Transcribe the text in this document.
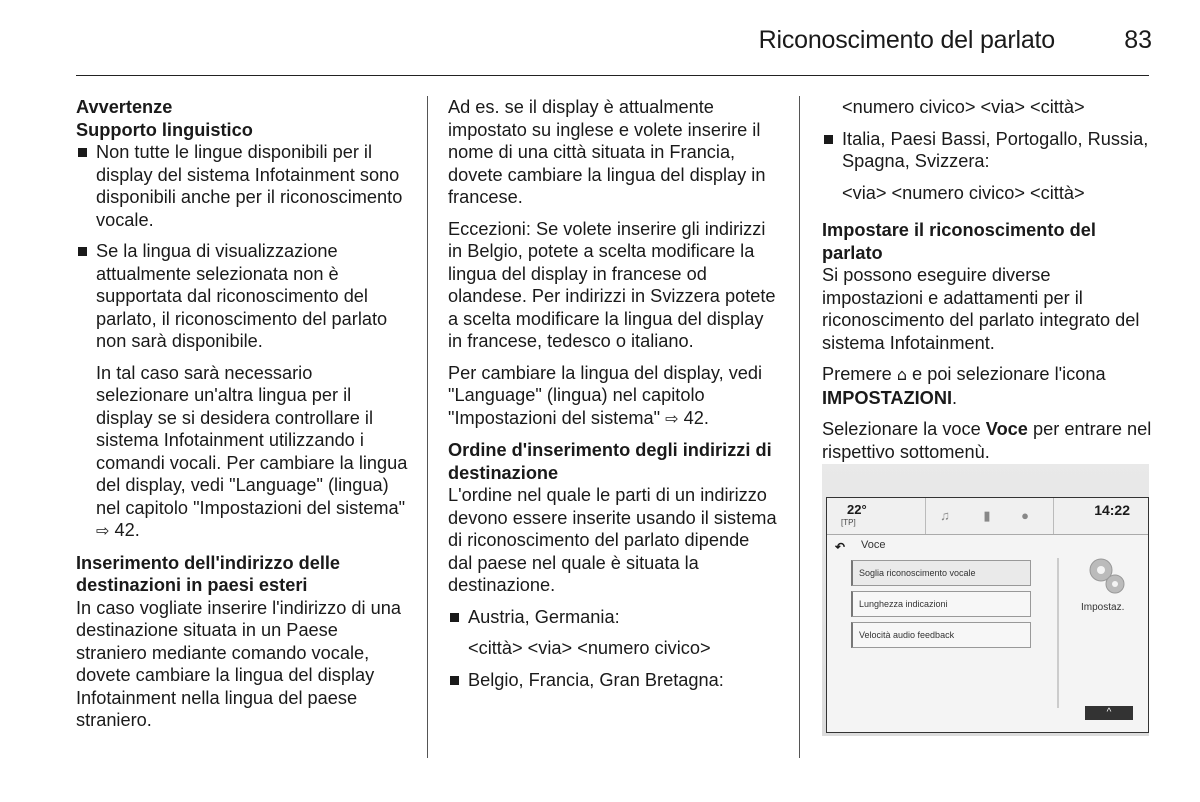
Riconoscimento del parlato	83
Avvertenze
Supporto linguistico
Non tutte le lingue disponibili per il display del sistema Infotainment sono disponibili anche per il riconoscimento vocale.
Se la lingua di visualizzazione attualmente selezionata non è supportata dal riconoscimento del parlato, il riconoscimento del parlato non sarà disponibile.
In tal caso sarà necessario selezionare un'altra lingua per il display se si desidera controllare il sistema Infotainment utilizzando i comandi vocali. Per cambiare la lingua del display, vedi "Language" (lingua) nel capitolo "Impostazioni del sistema" ⇨ 42.
Inserimento dell'indirizzo delle destinazioni in paesi esteri

In caso vogliate inserire l'indirizzo di una destinazione situata in un Paese straniero mediante comando vocale, dovete cambiare la lingua del display Infotainment nella lingua del paese straniero.

Ad es. se il display è attualmente impostato su inglese e volete inserire il nome di una città situata in Francia, dovete cambiare la lingua del display in francese.

Eccezioni: Se volete inserire gli indirizzi in Belgio, potete a scelta modificare la lingua del display in francese od olandese. Per indirizzi in Svizzera potete a scelta modificare la lingua del display in francese, tedesco o italiano.

Per cambiare la lingua del display, vedi "Language" (lingua) nel capitolo "Impostazioni del sistema" ⇨ 42.

Ordine d'inserimento degli indirizzi di destinazione

L'ordine nel quale le parti di un indirizzo devono essere inserite usando il sistema di riconoscimento del parlato dipende dal paese nel quale è situata la destinazione.

Austria, Germania:
<città> <via> <numero civico>
Belgio, Francia, Gran Bretagna:
<numero civico> <via> <città>
Italia, Paesi Bassi, Portogallo, Russia, Spagna, Svizzera:
<via> <numero civico> <città>
Impostare il riconoscimento del parlato

Si possono eseguire diverse impostazioni e adattamenti per il riconoscimento del parlato integrato del sistema Infotainment.

Premere ⌂ e poi selezionare l'icona IMPOSTAZIONI.

Selezionare la voce Voce per entrare nel rispettivo sottomenù.

22°
[TP]	♫	▮	●	14:22
↶ Voce
Soglia riconoscimento vocale
Lunghezza indicazioni
Velocità audio feedback
Impostaz.
^
